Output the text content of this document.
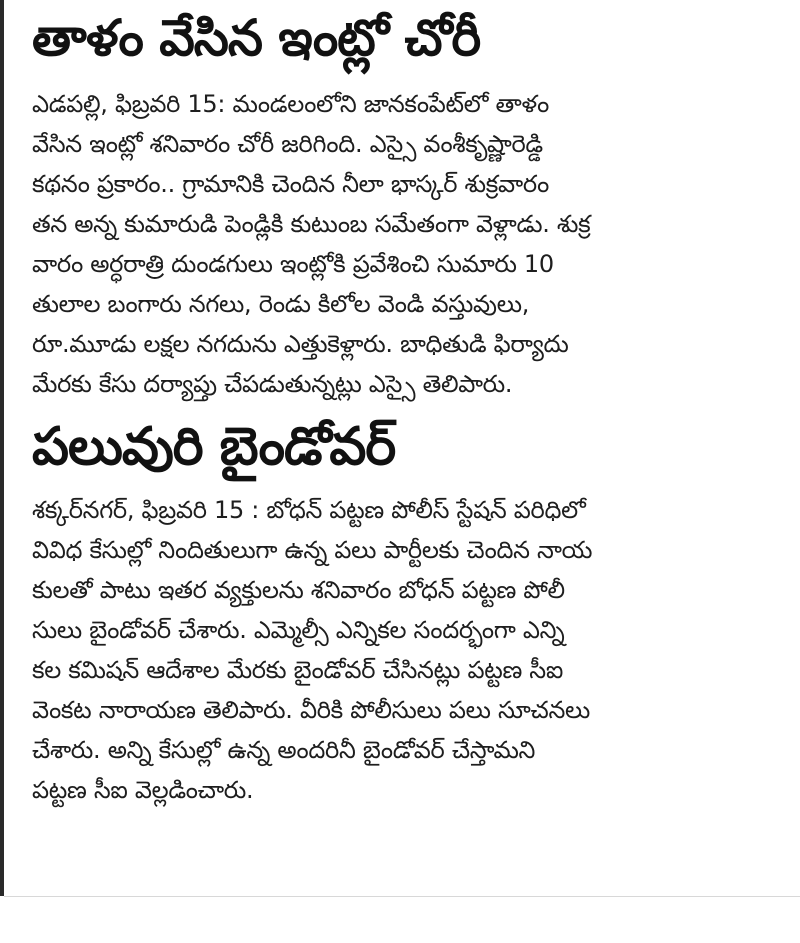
తాళం వేసిన ఇంట్లో చోరీ
ఎడపల్లి, ఫిబ్రవరి 15: మండలంలోని జానకంపేట్‌లో తాళం
వేసిన ఇంట్లో శనివారం చోరీ జరిగింది. ఎస్సై వంశీకృష్ణారెడ్డి
కథనం ప్రకారం.. గ్రామానికి చెందిన నీలా భాస్కర్ శుక్రవారం
తన అన్న కుమారుడి పెండ్లికి కుటుంబ సమేతంగా వెళ్లాడు. శుక్ర
వారం అర్ధరాత్రి దుండగులు ఇంట్లోకి ప్రవేశించి సుమారు 10
తులాల బంగారు నగలు, రెండు కిలోల వెండి వస్తువులు,
రూ.మూడు లక్షల నగదును ఎత్తుకెళ్లారు. బాధితుడి ఫిర్యాదు
మేరకు కేసు దర్యాప్తు చేపడుతున్నట్లు ఎస్సై తెలిపారు.
పలువురి బైండోవర్
శక్కర్‌నగర్, ఫిబ్రవరి 15 : బోధన్ పట్టణ పోలీస్ స్టేషన్ పరిధిలో
వివిధ కేసుల్లో నిందితులుగా ఉన్న పలు పార్టీలకు చెందిన నాయ
కులతో పాటు ఇతర వ్యక్తులను శనివారం బోధన్ పట్టణ పోలీ
సులు బైండోవర్ చేశారు. ఎమ్మెల్సీ ఎన్నికల సందర్భంగా ఎన్ని
కల కమిషన్ ఆదేశాల మేరకు బైండోవర్ చేసినట్లు పట్టణ సీఐ
వెంకట నారాయణ తెలిపారు. వీరికి పోలీసులు పలు సూచనలు
చేశారు. అన్ని కేసుల్లో ఉన్న అందరినీ బైండోవర్ చేస్తామని
పట్టణ సీఐ వెల్లడించారు.
